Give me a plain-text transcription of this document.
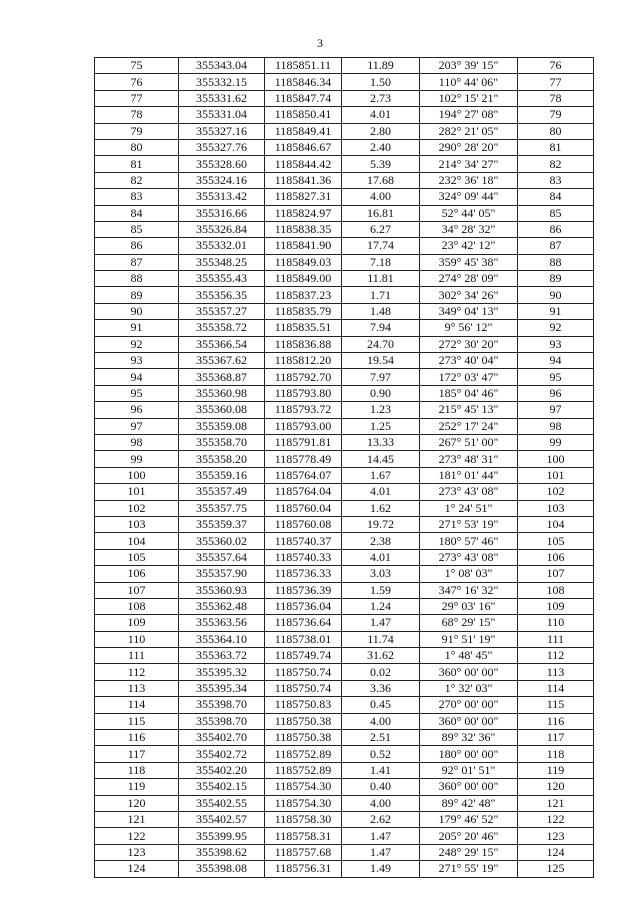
3
75	355343.04	1185851.11	11.89	203° 39' 15"	76
76	355332.15	1185846.34	1.50	110° 44' 06"	77
77	355331.62	1185847.74	2.73	102° 15' 21"	78
78	355331.04	1185850.41	4.01	194° 27' 08"	79
79	355327.16	1185849.41	2.80	282° 21' 05"	80
80	355327.76	1185846.67	2.40	290° 28' 20"	81
81	355328.60	1185844.42	5.39	214° 34' 27"	82
82	355324.16	1185841.36	17.68	232° 36' 18"	83
83	355313.42	1185827.31	4.00	324° 09' 44"	84
84	355316.66	1185824.97	16.81	52° 44' 05"	85
85	355326.84	1185838.35	6.27	34° 28' 32"	86
86	355332.01	1185841.90	17.74	23° 42' 12"	87
87	355348.25	1185849.03	7.18	359° 45' 38"	88
88	355355.43	1185849.00	11.81	274° 28' 09"	89
89	355356.35	1185837.23	1.71	302° 34' 26"	90
90	355357.27	1185835.79	1.48	349° 04' 13"	91
91	355358.72	1185835.51	7.94	9° 56' 12"	92
92	355366.54	1185836.88	24.70	272° 30' 20"	93
93	355367.62	1185812.20	19.54	273° 40' 04"	94
94	355368.87	1185792.70	7.97	172° 03' 47"	95
95	355360.98	1185793.80	0.90	185° 04' 46"	96
96	355360.08	1185793.72	1.23	215° 45' 13"	97
97	355359.08	1185793.00	1.25	252° 17' 24"	98
98	355358.70	1185791.81	13.33	267° 51' 00"	99
99	355358.20	1185778.49	14.45	273° 48' 31"	100
100	355359.16	1185764.07	1.67	181° 01' 44"	101
101	355357.49	1185764.04	4.01	273° 43' 08"	102
102	355357.75	1185760.04	1.62	1° 24' 51"	103
103	355359.37	1185760.08	19.72	271° 53' 19"	104
104	355360.02	1185740.37	2.38	180° 57' 46"	105
105	355357.64	1185740.33	4.01	273° 43' 08"	106
106	355357.90	1185736.33	3.03	1° 08' 03"	107
107	355360.93	1185736.39	1.59	347° 16' 32"	108
108	355362.48	1185736.04	1.24	29° 03' 16"	109
109	355363.56	1185736.64	1.47	68° 29' 15"	110
110	355364.10	1185738.01	11.74	91° 51' 19"	111
111	355363.72	1185749.74	31.62	1° 48' 45"	112
112	355395.32	1185750.74	0.02	360° 00' 00"	113
113	355395.34	1185750.74	3.36	1° 32' 03"	114
114	355398.70	1185750.83	0.45	270° 00' 00"	115
115	355398.70	1185750.38	4.00	360° 00' 00"	116
116	355402.70	1185750.38	2.51	89° 32' 36"	117
117	355402.72	1185752.89	0.52	180° 00' 00"	118
118	355402.20	1185752.89	1.41	92° 01' 51"	119
119	355402.15	1185754.30	0.40	360° 00' 00"	120
120	355402.55	1185754.30	4.00	89° 42' 48"	121
121	355402.57	1185758.30	2.62	179° 46' 52"	122
122	355399.95	1185758.31	1.47	205° 20' 46"	123
123	355398.62	1185757.68	1.47	248° 29' 15"	124
124	355398.08	1185756.31	1.49	271° 55' 19"	125
